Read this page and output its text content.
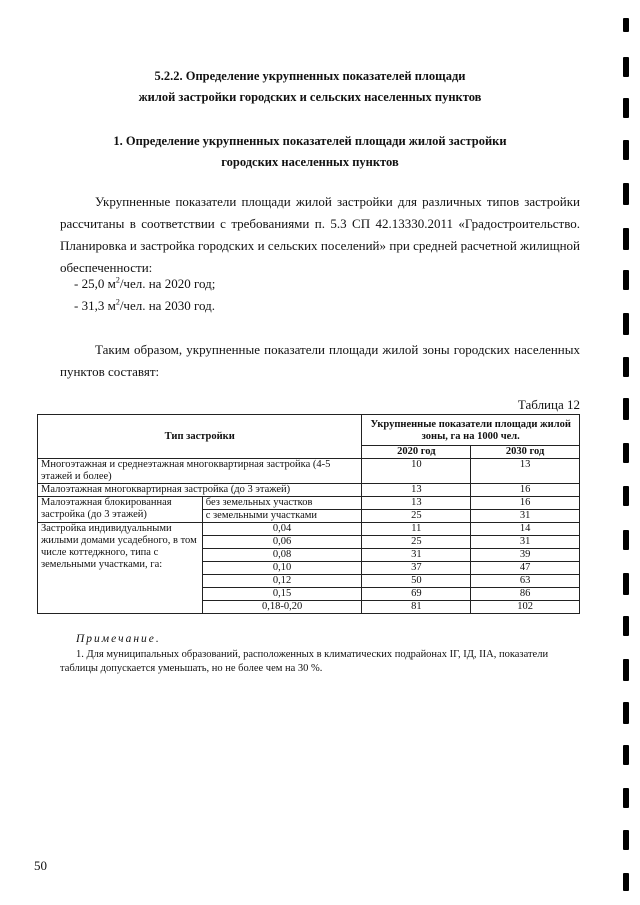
5.2.2. Определение укрупненных показателей площади
жилой застройки городских и сельских населенных пунктов
1. Определение укрупненных показателей площади жилой застройки
городских населенных пунктов
Укрупненные показатели площади жилой застройки для различных типов застройки рассчитаны в соответствии с требованиями п. 5.3 СП 42.13330.2011 «Градостроительство. Планировка и застройка городских и сельских поселений» при средней расчетной жилищной обеспеченности:
- 25,0 $м^2$/чел. на 2020 год;
- 31,3 $м^2$/чел. на 2030 год.
Таким образом, укрупненные показатели площади жилой зоны городских населенных пунктов составят:
Таблица 12
Тип застройки		Укрупненные показатели площади жилой зоны, га на 1000 чел.	
		2020 год	2030 год
Многоэтажная и среднеэтажная многоквартирная застройка (4-5 этажей и более)		10	13
Малоэтажная многоквартирная застройка (до 3 этажей)		13	16
Малоэтажная блокированная застройка (до 3 этажей)	без земельных участков	13	16
	с земельными участками	25	31
Застройка индивидуальными жилыми домами усадебного, в том числе коттеджного, типа с земельными участками, га:	0,04	11	14
	0,06	25	31
	0,08	31	39
	0,10	37	47
	0,12	50	63
	0,15	69	86
	0,18-0,20	81	102
Примечание.
1. Для муниципальных образований, расположенных в климатических подрайонах IГ, IД, IIА, показатели таблицы допускается уменьшать, но не более чем на 30 %.
50
